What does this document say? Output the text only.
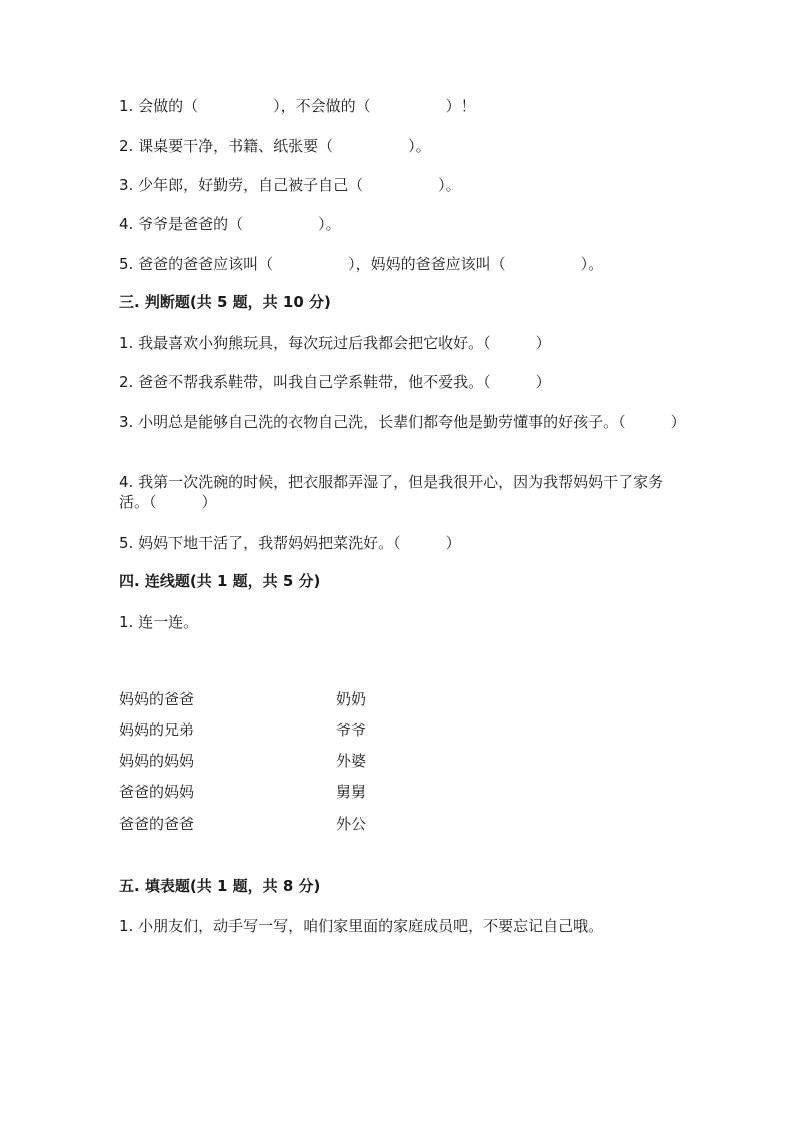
1. 会做的（　　　　　），不会做的（　　　　　）！
2. 课桌要干净，书籍、纸张要（　　　　　）。
3. 少年郎，好勤劳，自己被子自己（　　　　　）。
4. 爷爷是爸爸的（　　　　　）。
5. 爸爸的爸爸应该叫（　　　　　），妈妈的爸爸应该叫（　　　　　）。
三. 判断题(共 5 题，共 10 分)
1. 我最喜欢小狗熊玩具，每次玩过后我都会把它收好。（　　　）
2. 爸爸不帮我系鞋带，叫我自己学系鞋带，他不爱我。（　　　）
3. 小明总是能够自己洗的衣物自己洗，长辈们都夸他是勤劳懂事的好孩子。（　　　）
4. 我第一次洗碗的时候，把衣服都弄湿了，但是我很开心，因为我帮妈妈干了家务活。（　　　）
5. 妈妈下地干活了，我帮妈妈把菜洗好。（　　　）
四. 连线题(共 1 题，共 5 分)
1. 连一连。
妈妈的爸爸
妈妈的兄弟
妈妈的妈妈
爸爸的妈妈
爸爸的爸爸
奶奶
爷爷
外婆
舅舅
外公
五. 填表题(共 1 题，共 8 分)
1. 小朋友们，动手写一写，咱们家里面的家庭成员吧，不要忘记自己哦。
